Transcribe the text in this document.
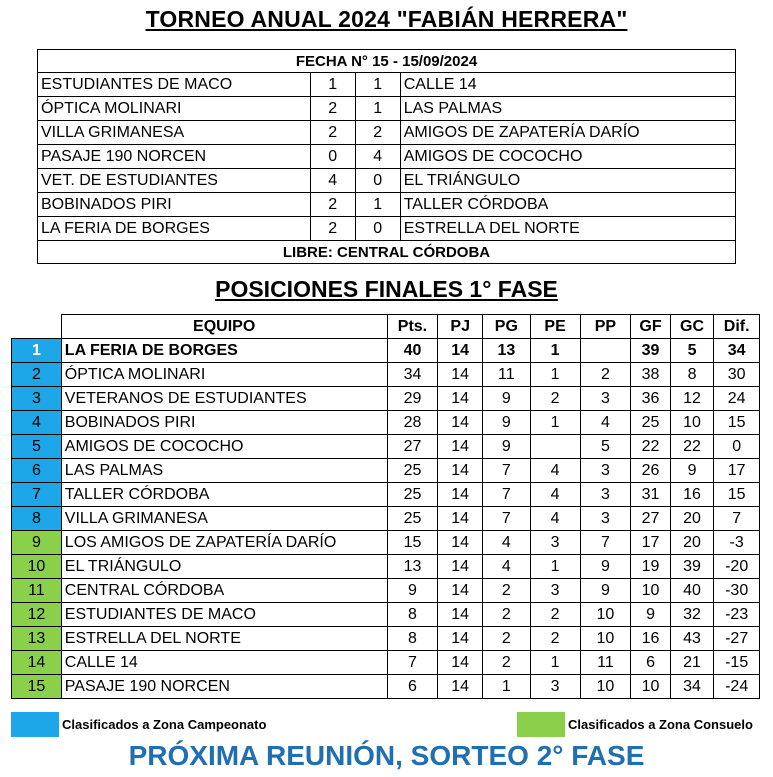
TORNEO ANUAL 2024 "FABIÁN HERRERA"
FECHA N° 15 - 15/09/2024			
ESTUDIANTES DE MACO	1	1	CALLE 14
ÓPTICA MOLINARI	2	1	LAS PALMAS
VILLA GRIMANESA	2	2	AMIGOS DE ZAPATERÍA DARÍO
PASAJE 190 NORCEN	0	4	AMIGOS DE COCOCHO
VET. DE ESTUDIANTES	4	0	EL TRIÁNGULO
BOBINADOS PIRI	2	1	TALLER CÓRDOBA
LA FERIA DE BORGES	2	0	ESTRELLA DEL NORTE
LIBRE: CENTRAL CÓRDOBA			
POSICIONES FINALES 1° FASE
	EQUIPO	Pts.	PJ	PG	PE	PP	GF	GC	Dif.
1	LA FERIA DE BORGES	40	14	13	1		39	5	34
2	ÓPTICA MOLINARI	34	14	11	1	2	38	8	30
3	VETERANOS DE ESTUDIANTES	29	14	9	2	3	36	12	24
4	BOBINADOS PIRI	28	14	9	1	4	25	10	15
5	AMIGOS DE COCOCHO	27	14	9		5	22	22	0
6	LAS PALMAS	25	14	7	4	3	26	9	17
7	TALLER CÓRDOBA	25	14	7	4	3	31	16	15
8	VILLA GRIMANESA	25	14	7	4	3	27	20	7
9	LOS AMIGOS DE ZAPATERÍA DARÍO	15	14	4	3	7	17	20	-3
10	EL TRIÁNGULO	13	14	4	1	9	19	39	-20
11	CENTRAL CÓRDOBA	9	14	2	3	9	10	40	-30
12	ESTUDIANTES DE MACO	8	14	2	2	10	9	32	-23
13	ESTRELLA DEL NORTE	8	14	2	2	10	16	43	-27
14	CALLE 14	7	14	2	1	11	6	21	-15
15	PASAJE 190 NORCEN	6	14	1	3	10	10	34	-24
Clasificados a Zona Campeonato	Clasificados a Zona Consuelo
PRÓXIMA REUNIÓN, SORTEO 2° FASE
